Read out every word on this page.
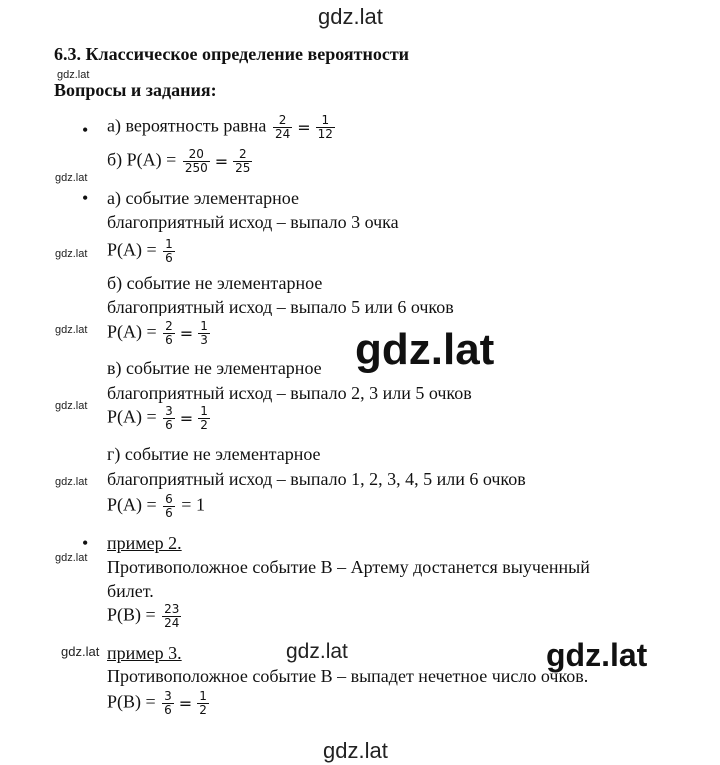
gdz.lat
gdz.lat
gdz.lat
gdz.lat
gdz.lat
gdz.lat
gdz.lat
gdz.lat
gdz.lat	gdz.lat
gdz.lat
6.3. Классическое определение вероятности
Вопросы и задания:
• а) вероятность равна $\frac{2}{24} = \frac{1}{12}$
б) $P(A) = \frac{20}{250} = \frac{2}{25}$
• а) событие элементарное
благоприятный исход – выпало 3 очка
$P(A) = \frac{1}{6}$
б) событие не элементарное
благоприятный исход – выпало 5 или 6 очков
$P(A) = \frac{2}{6} = \frac{1}{3}$
в) событие не элементарное
благоприятный исход – выпало 2, 3 или 5 очков
$P(A) = \frac{3}{6} = \frac{1}{2}$
г) событие не элементарное
благоприятный исход – выпало 1, 2, 3, 4, 5 или 6 очков
$P(A) = \frac{6}{6} = 1$
• пример 2.
Противоположное событие B – Артему достанется выученный
билет.
$P(B) = \frac{23}{24}$
пример 3.
Противоположное событие B – выпадет нечетное число очков.
$P(B) = \frac{3}{6} = \frac{1}{2}$
gdz.lat
gdz.lat
